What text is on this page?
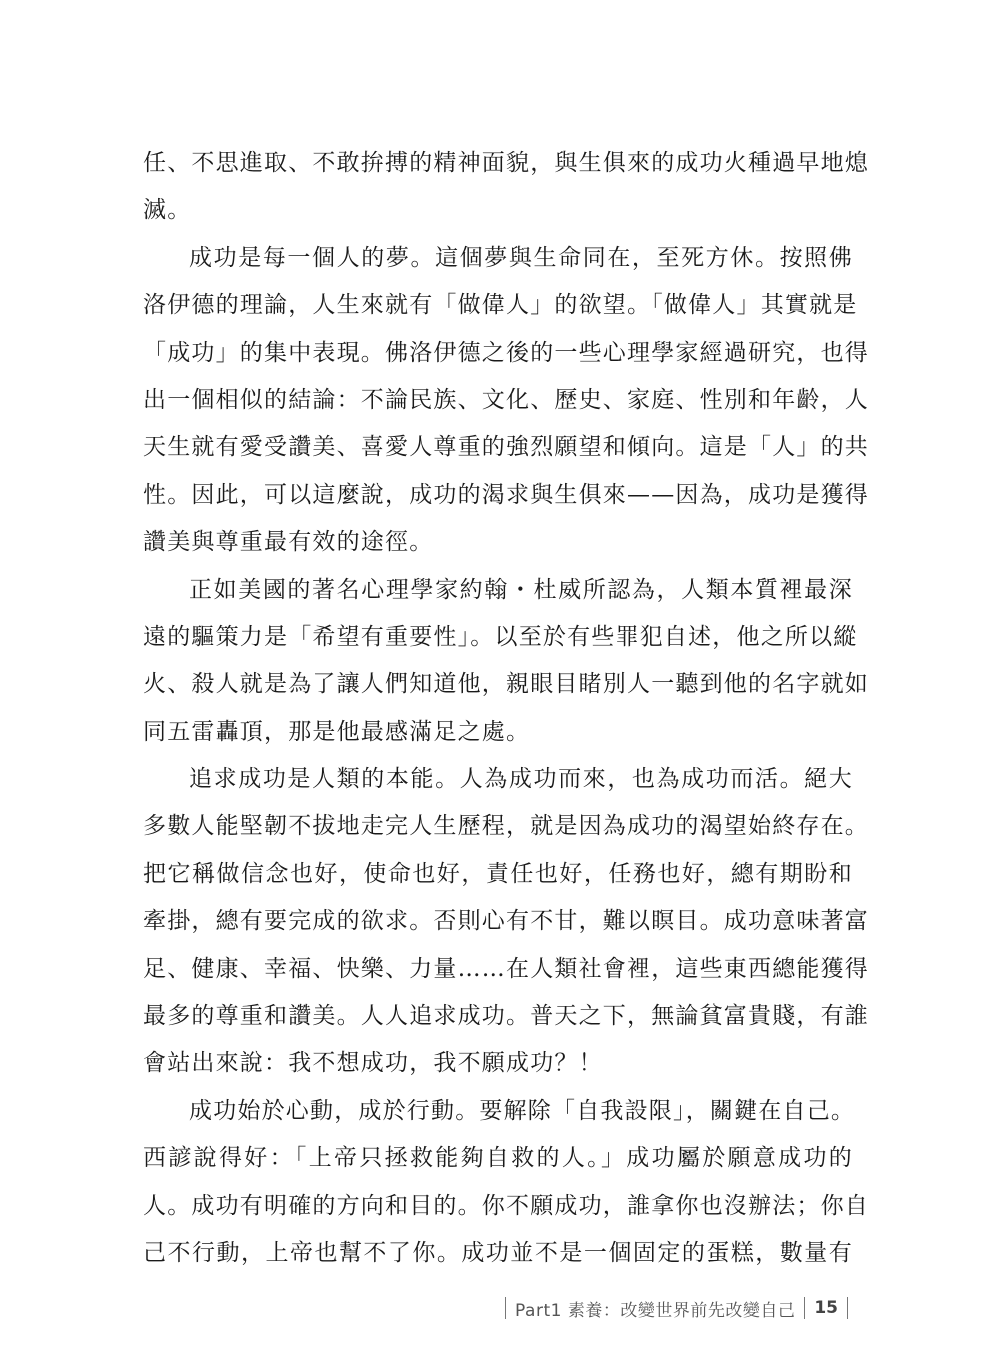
任、不思進取、不敢拚搏的精神面貌，與生俱來的成功火種過早地熄
滅。
成功是每一個人的夢。這個夢與生命同在，至死方休。按照佛
洛伊德的理論，人生來就有「做偉人」的欲望。「做偉人」其實就是
「成功」的集中表現。佛洛伊德之後的一些心理學家經過研究，也得
出一個相似的結論：不論民族、文化、歷史、家庭、性別和年齡，人
天生就有愛受讚美、喜愛人尊重的強烈願望和傾向。這是「人」的共
性。因此，可以這麼說，成功的渴求與生俱來——因為，成功是獲得
讚美與尊重最有效的途徑。
正如美國的著名心理學家約翰・杜威所認為，人類本質裡最深
遠的驅策力是「希望有重要性」。以至於有些罪犯自述，他之所以縱
火、殺人就是為了讓人們知道他，親眼目睹別人一聽到他的名字就如
同五雷轟頂，那是他最感滿足之處。
追求成功是人類的本能。人為成功而來，也為成功而活。絕大
多數人能堅韌不拔地走完人生歷程，就是因為成功的渴望始終存在。
把它稱做信念也好，使命也好，責任也好，任務也好，總有期盼和
牽掛，總有要完成的欲求。否則心有不甘，難以瞑目。成功意味著富
足、健康、幸福、快樂、力量……在人類社會裡，這些東西總能獲得
最多的尊重和讚美。人人追求成功。普天之下，無論貧富貴賤，有誰
會站出來說：我不想成功，我不願成功？！
成功始於心動，成於行動。要解除「自我設限」，關鍵在自己。
西諺說得好：「上帝只拯救能夠自救的人。」成功屬於願意成功的
人。成功有明確的方向和目的。你不願成功，誰拿你也沒辦法；你自
己不行動，上帝也幫不了你。成功並不是一個固定的蛋糕，數量有
Part1 素養：改變世界前先改變自己 15
